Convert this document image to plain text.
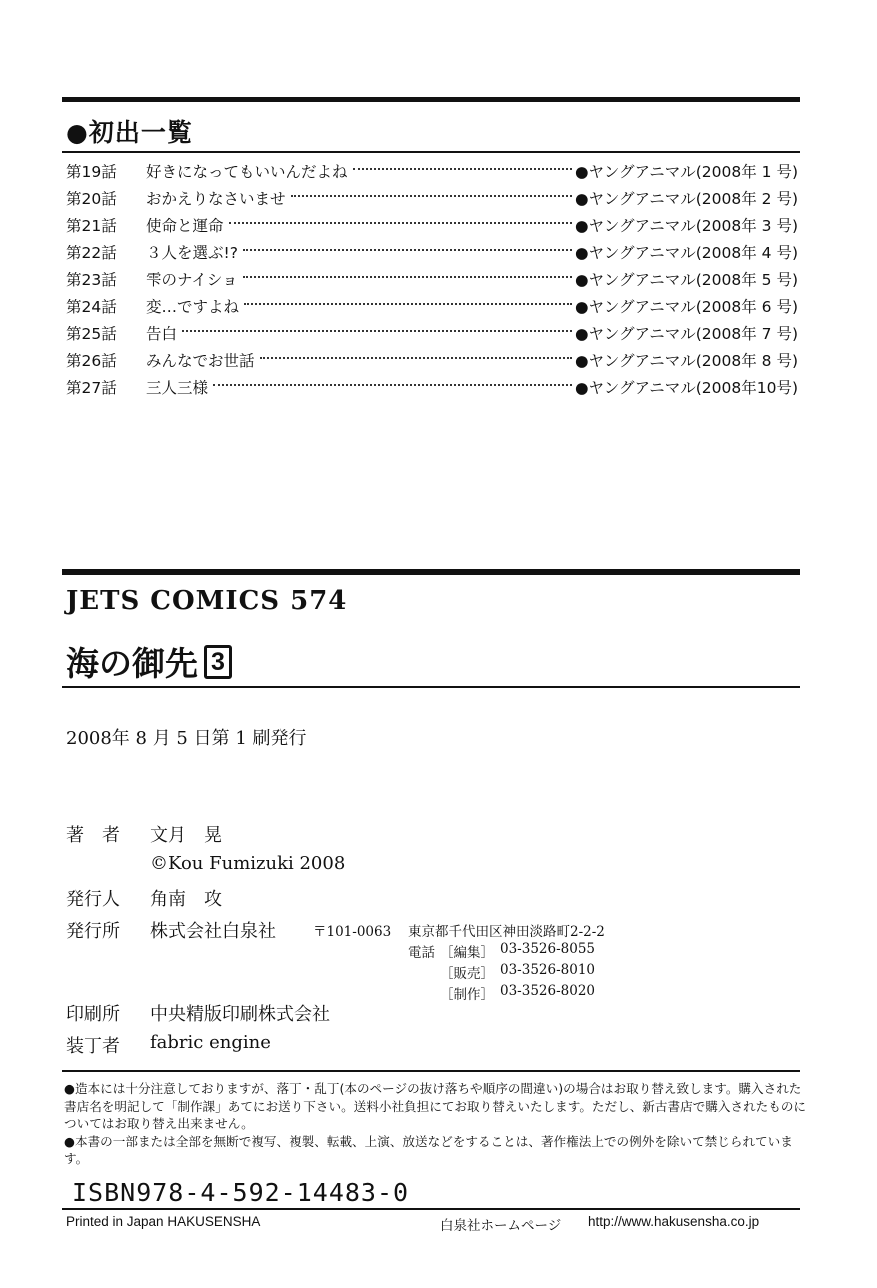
●初出一覧
第19話	好きになってもいいんだよね	●ヤングアニマル(2008年 1 号)
第20話	おかえりなさいませ	●ヤングアニマル(2008年 2 号)
第21話	使命と運命	●ヤングアニマル(2008年 3 号)
第22話	３人を選ぶ!?	●ヤングアニマル(2008年 4 号)
第23話	雫のナイショ	●ヤングアニマル(2008年 5 号)
第24話	変…ですよね	●ヤングアニマル(2008年 6 号)
第25話	告白	●ヤングアニマル(2008年 7 号)
第26話	みんなでお世話	●ヤングアニマル(2008年 8 号)
第27話	三人三様	●ヤングアニマル(2008年10号)
JETS COMICS 574
海の御先 3
2008年 8 月 5 日第 1 刷発行
著　者 文月　晃
©Kou Fumizuki 2008
発行人 角南　攻
発行所 株式会社白泉社	〒101-0063 東京都千代田区神田淡路町2-2-2
電話 ［編集］ 03-3526-8055
［販売］ 03-3526-8010
［制作］ 03-3526-8020
印刷所 中央精版印刷株式会社
装丁者 fabric engine
●造本には十分注意しておりますが、落丁・乱丁(本のページの抜け落ちや順序の間違い)の場合はお取り替え致します。購入された書店名を明記して「制作課」あてにお送り下さい。送料小社負担にてお取り替えいたします。ただし、新古書店で購入されたものについてはお取り替え出来ません。
●本書の一部または全部を無断で複写、複製、転載、上演、放送などをすることは、著作権法上での例外を除いて禁じられています。
ISBN978-4-592-14483-0
Printed in Japan HAKUSENSHA	白泉社ホームページ http://www.hakusensha.co.jp
